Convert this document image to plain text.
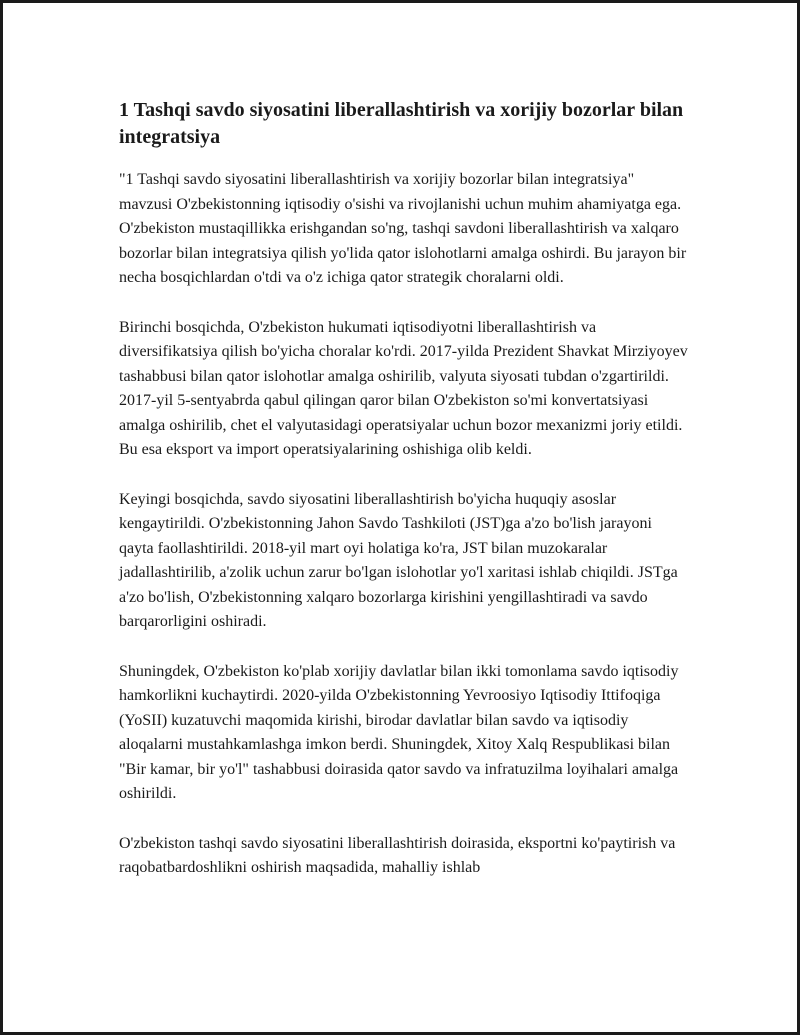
1 Tashqi savdo siyosatini liberallashtirish va xorijiy bozorlar bilan integratsiya

"1 Tashqi savdo siyosatini liberallashtirish va xorijiy bozorlar bilan integratsiya" mavzusi O'zbekistonning iqtisodiy o'sishi va rivojlanishi uchun muhim ahamiyatga ega. O'zbekiston mustaqillikka erishgandan so'ng, tashqi savdoni liberallashtirish va xalqaro bozorlar bilan integratsiya qilish yo'lida qator islohotlarni amalga oshirdi. Bu jarayon bir necha bosqichlardan o'tdi va o'z ichiga qator strategik choralarni oldi.

Birinchi bosqichda, O'zbekiston hukumati iqtisodiyotni liberallashtirish va diversifikatsiya qilish bo'yicha choralar ko'rdi. 2017-yilda Prezident Shavkat Mirziyoyev tashabbusi bilan qator islohotlar amalga oshirilib, valyuta siyosati tubdan o'zgartirildi. 2017-yil 5-sentyabrda qabul qilingan qaror bilan O'zbekiston so'mi konvertatsiyasi amalga oshirilib, chet el valyutasidagi operatsiyalar uchun bozor mexanizmi joriy etildi. Bu esa eksport va import operatsiyalarining oshishiga olib keldi.

Keyingi bosqichda, savdo siyosatini liberallashtirish bo'yicha huquqiy asoslar kengaytirildi. O'zbekistonning Jahon Savdo Tashkiloti (JST)ga a'zo bo'lish jarayoni qayta faollashtirildi. 2018-yil mart oyi holatiga ko'ra, JST bilan muzokaralar jadallashtirilib, a'zolik uchun zarur bo'lgan islohotlar yo'l xaritasi ishlab chiqildi. JSTga a'zo bo'lish, O'zbekistonning xalqaro bozorlarga kirishini yengillashtiradi va savdo barqarorligini oshiradi.

Shuningdek, O'zbekiston ko'plab xorijiy davlatlar bilan ikki tomonlama savdo iqtisodiy hamkorlikni kuchaytirdi. 2020-yilda O'zbekistonning Yevroosiyo Iqtisodiy Ittifoqiga (YoSII) kuzatuvchi maqomida kirishi, birodar davlatlar bilan savdo va iqtisodiy aloqalarni mustahkamlashga imkon berdi. Shuningdek, Xitoy Xalq Respublikasi bilan "Bir kamar, bir yo'l" tashabbusi doirasida qator savdo va infratuzilma loyihalari amalga oshirildi.

O'zbekiston tashqi savdo siyosatini liberallashtirish doirasida, eksportni ko'paytirish va raqobatbardoshlikni oshirish maqsadida, mahalliy ishlab
